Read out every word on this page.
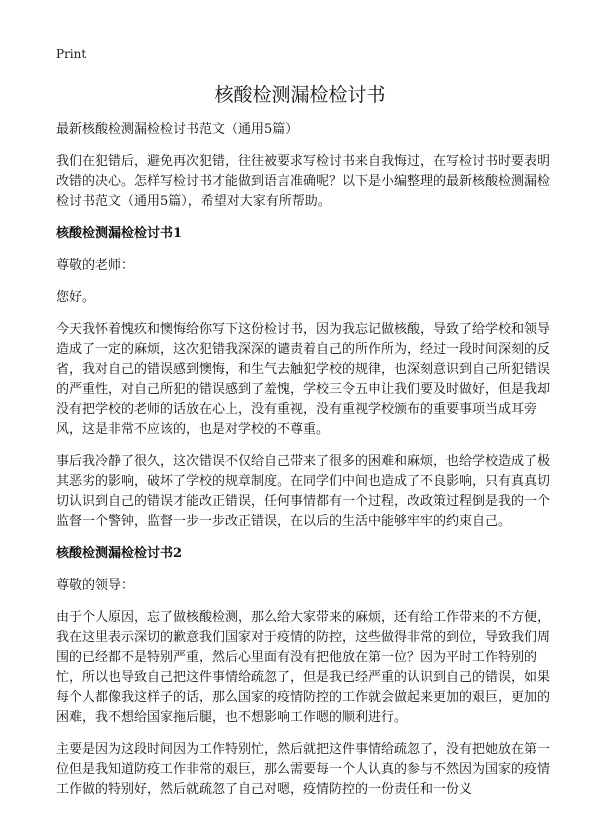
Print
核酸检测漏检检讨书

最新核酸检测漏检检讨书范文（通用5篇）

我们在犯错后，避免再次犯错，往往被要求写检讨书来自我悔过，在写检讨书时要表明改错的决心。怎样写检讨书才能做到语言准确呢？以下是小编整理的最新核酸检测漏检检讨书范文（通用5篇），希望对大家有所帮助。

核酸检测漏检检讨书1

尊敬的老师：

您好。

今天我怀着愧疚和懊悔给你写下这份检讨书，因为我忘记做核酸，导致了给学校和领导造成了一定的麻烦，这次犯错我深深的谴责着自己的所作所为，经过一段时间深刻的反省，我对自己的错误感到懊悔，和生气去触犯学校的规律，也深刻意识到自己所犯错误的严重性，对自己所犯的错误感到了羞愧，学校三令五申让我们要及时做好，但是我却没有把学校的老师的话放在心上，没有重视，没有重视学校颁布的重要事项当成耳旁风，这是非常不应该的，也是对学校的不尊重。

事后我冷静了很久，这次错误不仅给自己带来了很多的困难和麻烦，也给学校造成了极其恶劣的影响，破坏了学校的规章制度。在同学们中间也造成了不良影响，只有真真切切认识到自己的错误才能改正错误，任何事情都有一个过程，改政策过程倒是我的一个监督一个警钟，监督一步一步改正错误，在以后的生活中能够牢牢的约束自己。

核酸检测漏检检讨书2

尊敬的领导：

由于个人原因，忘了做核酸检测，那么给大家带来的麻烦，还有给工作带来的不方便，我在这里表示深切的歉意我们国家对于疫情的防控，这些做得非常的到位，导致我们周围的已经都不是特别严重，然后心里面有没有把他放在第一位？因为平时工作特别的忙，所以也导致自己把这件事情给疏忽了，但是我已经严重的认识到自己的错误，如果每个人都像我这样子的话，那么国家的疫情防控的工作就会做起来更加的艰巨，更加的困难，我不想给国家拖后腿，也不想影响工作嗯的顺利进行。

主要是因为这段时间因为工作特别忙，然后就把这件事情给疏忽了，没有把她放在第一位但是我知道防疫工作非常的艰巨，那么需要每一个人认真的参与不然因为国家的疫情工作做的特别好，然后就疏忽了自己对嗯，疫情防控的一份责任和一份义
